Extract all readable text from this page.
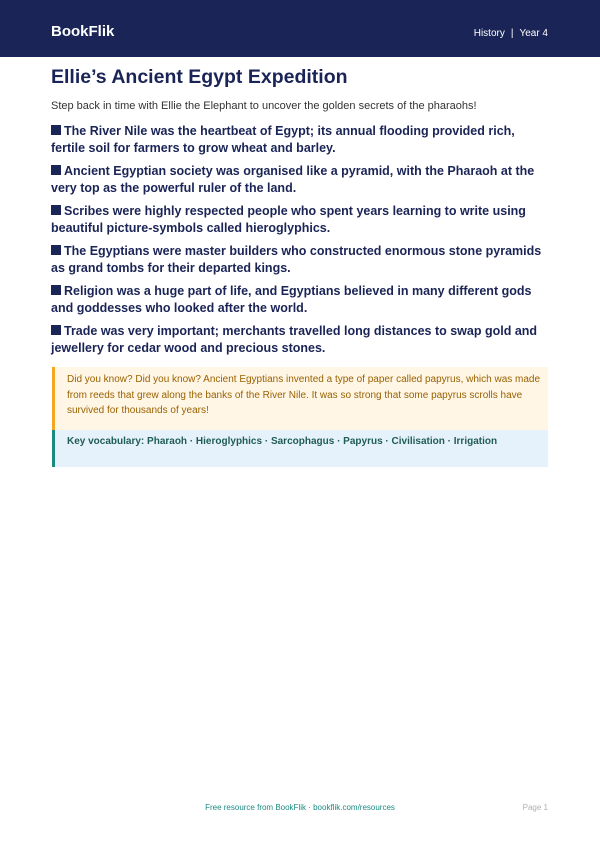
BookFlik	History | Year 4
Ellie’s Ancient Egypt Expedition

Step back in time with Ellie the Elephant to uncover the golden secrets of the pharaohs!

The River Nile was the heartbeat of Egypt; its annual flooding provided rich, fertile soil for farmers to grow wheat and barley.
Ancient Egyptian society was organised like a pyramid, with the Pharaoh at the very top as the powerful ruler of the land.
Scribes were highly respected people who spent years learning to write using beautiful picture-symbols called hieroglyphics.
The Egyptians were master builders who constructed enormous stone pyramids as grand tombs for their departed kings.
Religion was a huge part of life, and Egyptians believed in many different gods and goddesses who looked after the world.
Trade was very important; merchants travelled long distances to swap gold and jewellery for cedar wood and precious stones.

Did you know? Did you know? Ancient Egyptians invented a type of paper called papyrus, which was made from reeds that grew along the banks of the River Nile. It was so strong that some papyrus scrolls have survived for thousands of years!

Key vocabulary: Pharaoh · Hieroglyphics · Sarcophagus · Papyrus · Civilisation · Irrigation

Free resource from BookFlik · bookflik.com/resources	Page 1
